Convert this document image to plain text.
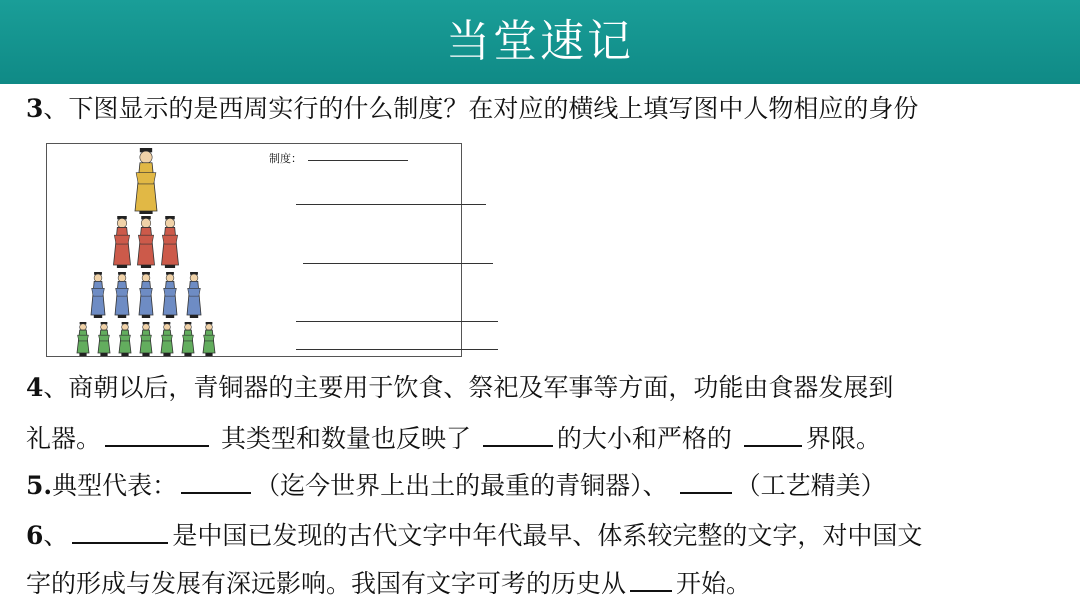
当堂速记
3、下图显示的是西周实行的什么制度？在对应的横线上填写图中人物相应的身份
制度：
4、商朝以后，青铜器的主要用于饮食、祭祀及军事等方面，功能由食器发展到
礼器。	其类型和数量也反映了	的大小和严格的	界限。
5.典型代表：	（迄今世界上出土的最重的青铜器）、 （工艺精美）
6、	是中国已发现的古代文字中年代最早、体系较完整的文字，对中国文
字的形成与发展有深远影响。我国有文字可考的历史从 开始。
